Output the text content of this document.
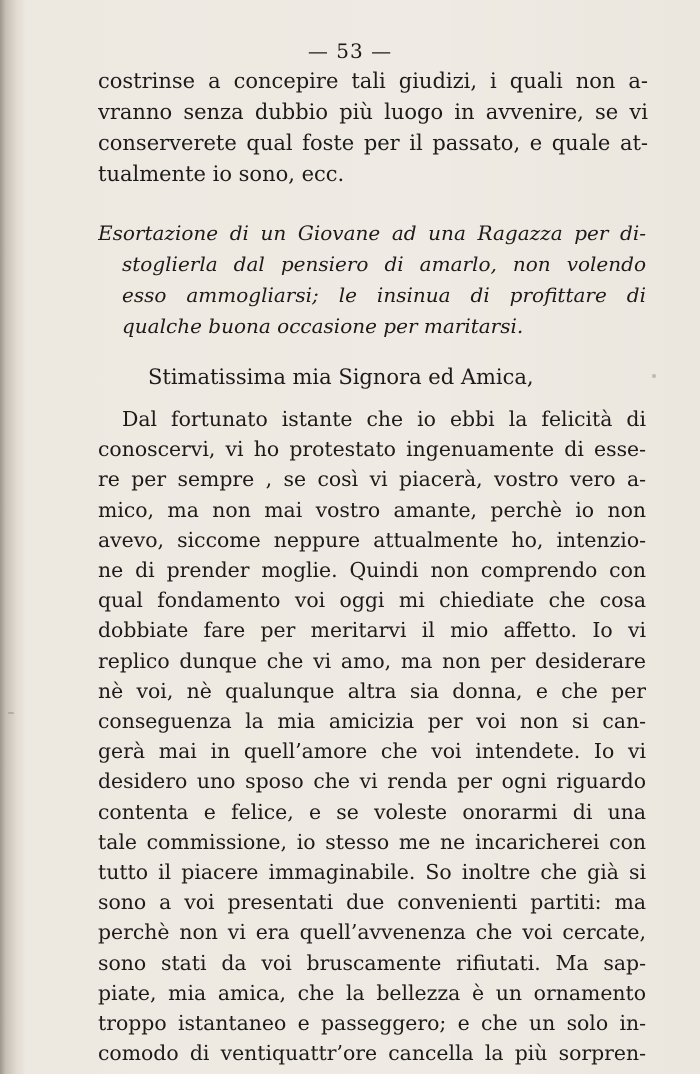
— 53 —

costrinse a concepire tali giudizi, i quali non a-
vranno senza dubbio più luogo in avvenire, se vi
conserverete qual foste per il passato, e quale at-
tualmente io sono, ecc.

Esortazione di un Giovane ad una Ragazza per di-
stoglierla dal pensiero di amarlo, non volendo
esso ammogliarsi; le insinua di profittare di
qualche buona occasione per maritarsi.
Stimatissima mia Signora ed Amica,
Dal fortunato istante che io ebbi la felicità di
conoscervi, vi ho protestato ingenuamente di esse-
re per sempre , se così vi piacerà, vostro vero a-
mico, ma non mai vostro amante, perchè io non
avevo, siccome neppure attualmente ho, intenzio-
ne di prender moglie. Quindi non comprendo con
qual fondamento voi oggi mi chiediate che cosa
dobbiate fare per meritarvi il mio affetto. Io vi
replico dunque che vi amo, ma non per desiderare
nè voi, nè qualunque altra sia donna, e che per
conseguenza la mia amicizia per voi non si can-
gerà mai in quell’amore che voi intendete. Io vi
desidero uno sposo che vi renda per ogni riguardo
contenta e felice, e se voleste onorarmi di una
tale commissione, io stesso me ne incaricherei con
tutto il piacere immaginabile. So inoltre che già si
sono a voi presentati due convenienti partiti: ma
perchè non vi era quell’avvenenza che voi cercate,
sono stati da voi bruscamente rifiutati. Ma sap-
piate, mia amica, che la bellezza è un ornamento
troppo istantaneo e passeggero; e che un solo in-
comodo di ventiquattr’ore cancella la più sorpren-
